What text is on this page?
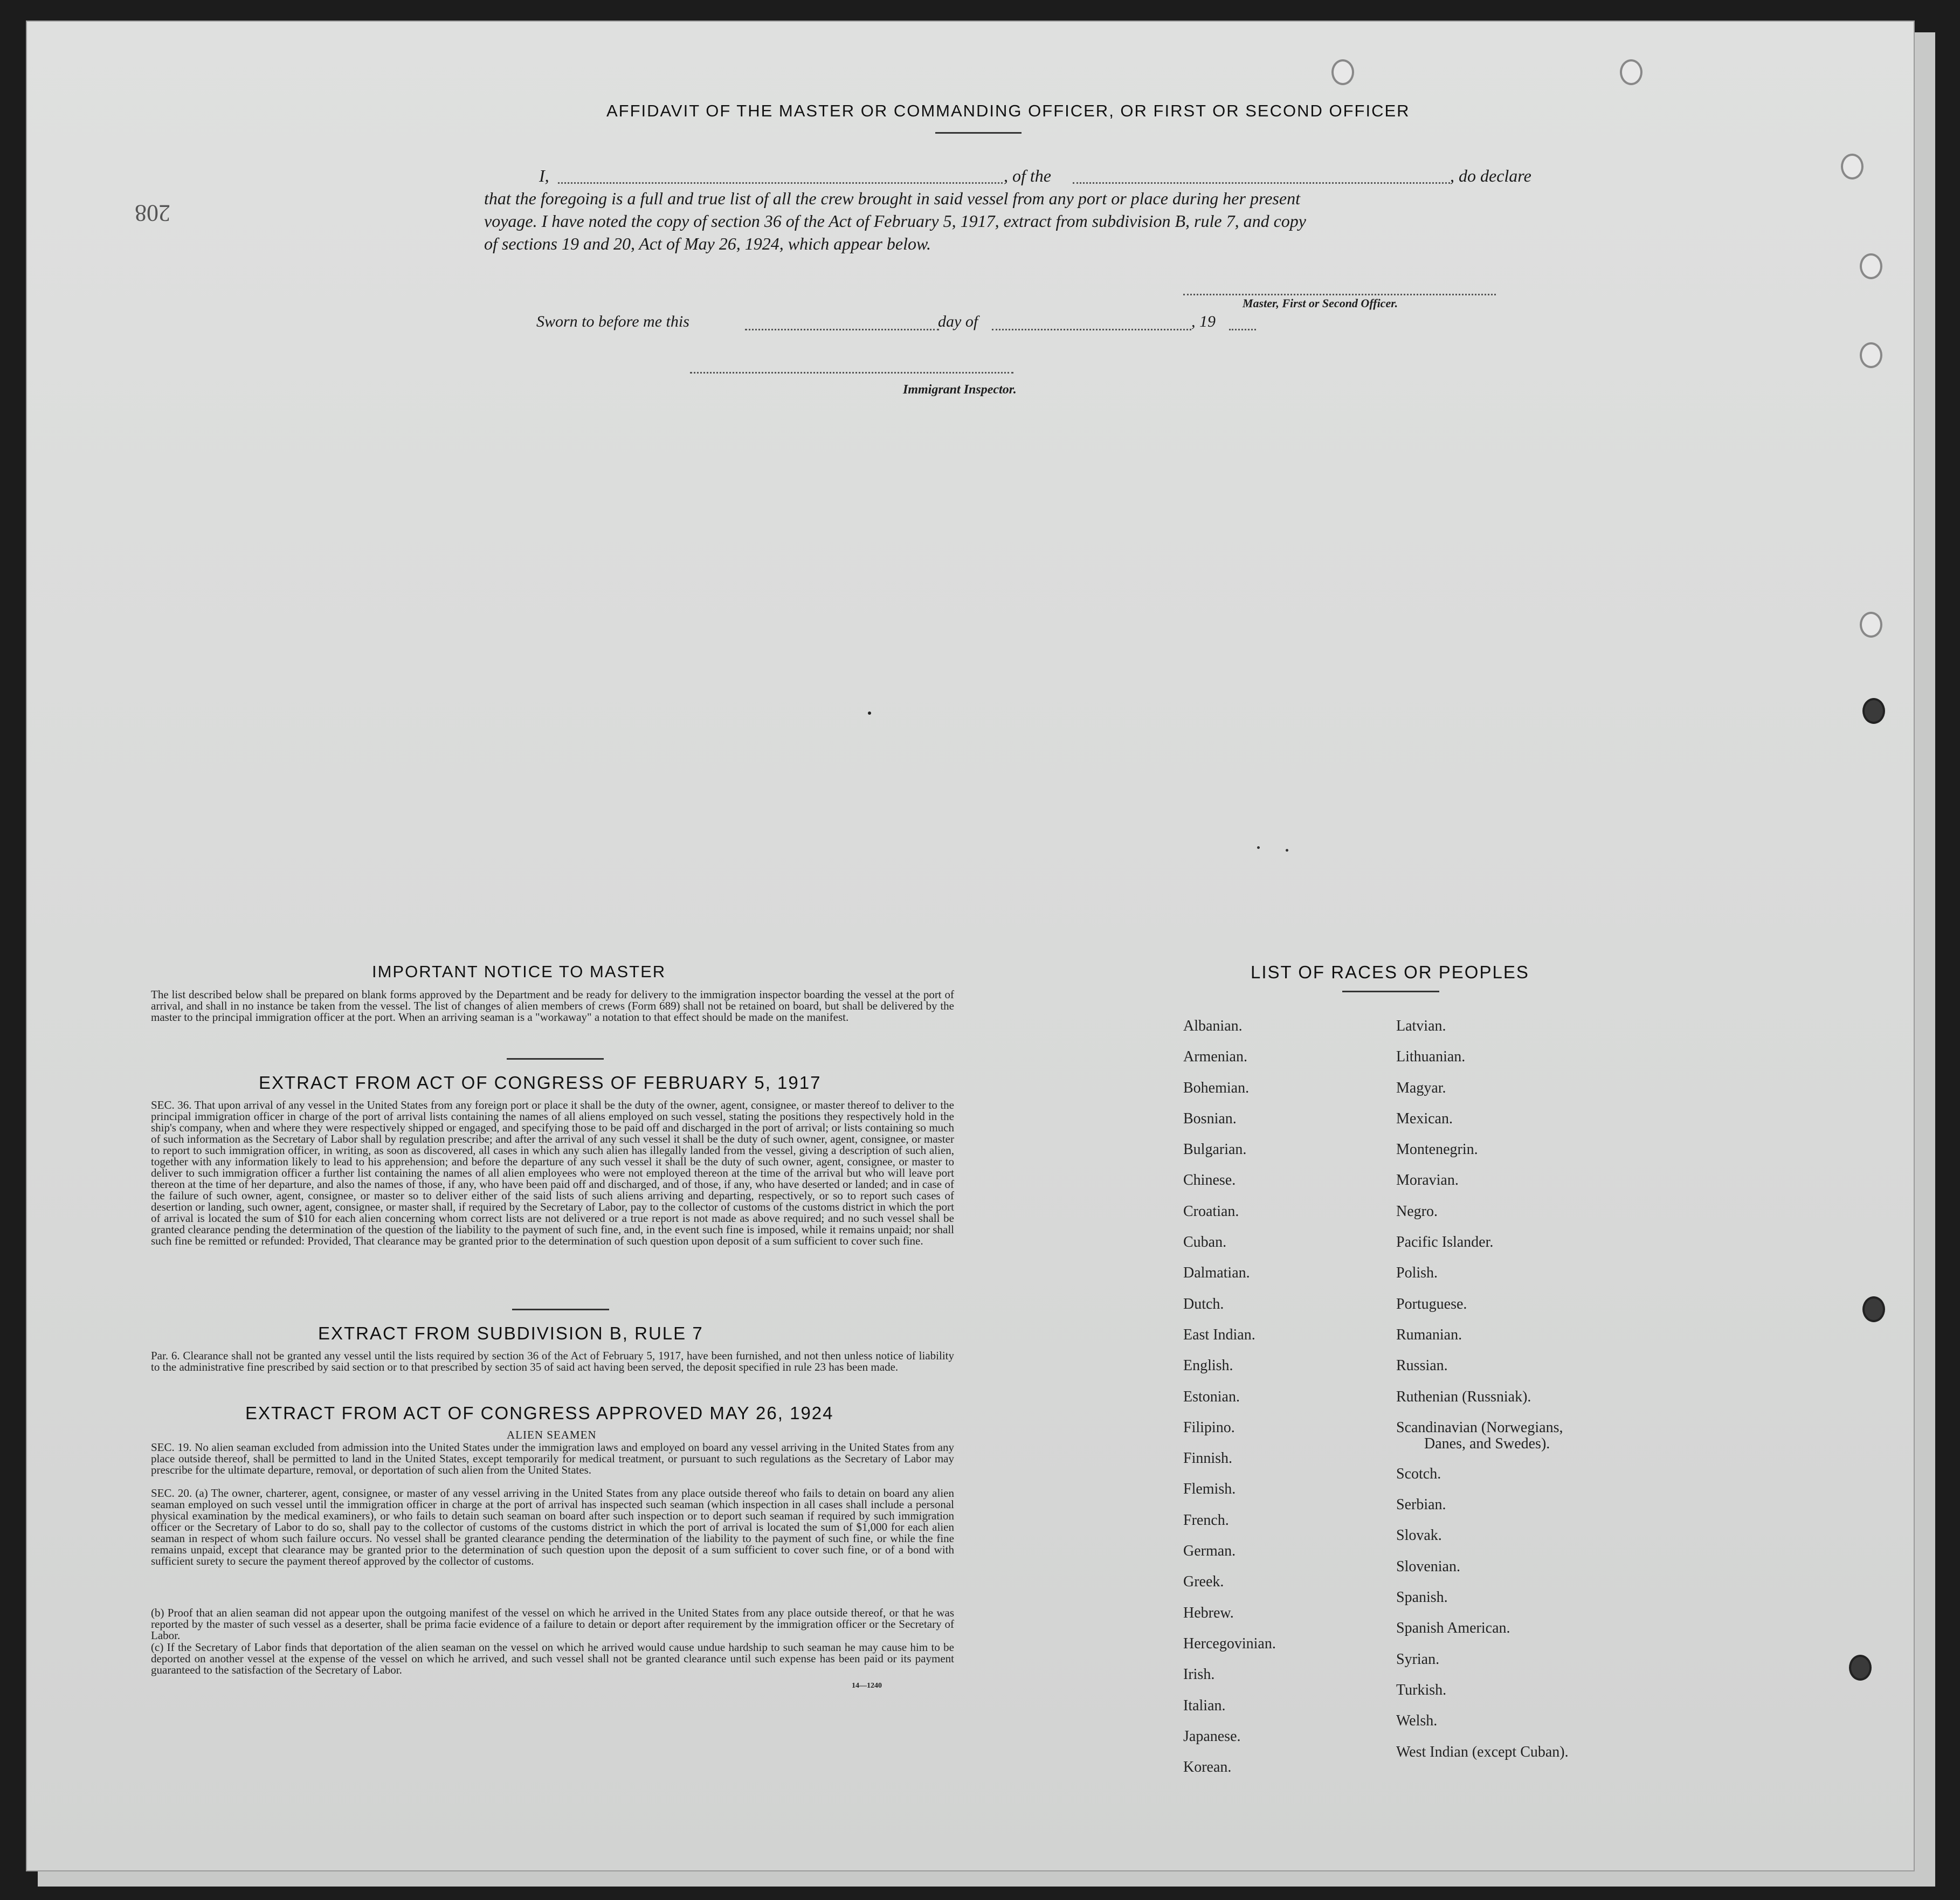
208
AFFIDAVIT OF THE MASTER OR COMMANDING OFFICER, OR FIRST OR SECOND OFFICER
I,	, of the	, do declare
that the foregoing is a full and true list of all the crew brought in said vessel from any port or place during her present
voyage. I have noted the copy of section 36 of the Act of February 5, 1917, extract from subdivision B, rule 7, and copy
of sections 19 and 20, Act of May 26, 1924, which appear below.
Master, First or Second Officer.
Sworn to before me this	day of	, 19
Immigrant Inspector.
IMPORTANT NOTICE TO MASTER
The list described below shall be prepared on blank forms approved by the Department and be ready for delivery to the immigration inspector boarding the vessel at the port of arrival, and shall in no instance be taken from the vessel. The list of changes of alien members of crews (Form 689) shall not be retained on board, but shall be delivered by the master to the principal immigration officer at the port. When an arriving seaman is a "workaway" a notation to that effect should be made on the manifest.
EXTRACT FROM ACT OF CONGRESS OF FEBRUARY 5, 1917
SEC. 36. That upon arrival of any vessel in the United States from any foreign port or place it shall be the duty of the owner, agent, consignee, or master thereof to deliver to the principal immigration officer in charge of the port of arrival lists containing the names of all aliens employed on such vessel, stating the positions they respectively hold in the ship's company, when and where they were respectively shipped or engaged, and specifying those to be paid off and discharged in the port of arrival; or lists containing so much of such information as the Secretary of Labor shall by regulation prescribe; and after the arrival of any such vessel it shall be the duty of such owner, agent, consignee, or master to report to such immigration officer, in writing, as soon as discovered, all cases in which any such alien has illegally landed from the vessel, giving a description of such alien, together with any information likely to lead to his apprehension; and before the departure of any such vessel it shall be the duty of such owner, agent, consignee, or master to deliver to such immigration officer a further list containing the names of all alien employees who were not employed thereon at the time of the arrival but who will leave port thereon at the time of her departure, and also the names of those, if any, who have been paid off and discharged, and of those, if any, who have deserted or landed; and in case of the failure of such owner, agent, consignee, or master so to deliver either of the said lists of such aliens arriving and departing, respectively, or so to report such cases of desertion or landing, such owner, agent, consignee, or master shall, if required by the Secretary of Labor, pay to the collector of customs of the customs district in which the port of arrival is located the sum of $10 for each alien concerning whom correct lists are not delivered or a true report is not made as above required; and no such vessel shall be granted clearance pending the determination of the question of the liability to the payment of such fine, and, in the event such fine is imposed, while it remains unpaid; nor shall such fine be remitted or refunded: Provided, That clearance may be granted prior to the determination of such question upon deposit of a sum sufficient to cover such fine.
EXTRACT FROM SUBDIVISION B, RULE 7
Par. 6. Clearance shall not be granted any vessel until the lists required by section 36 of the Act of February 5, 1917, have been furnished, and not then unless notice of liability to the administrative fine prescribed by said section or to that prescribed by section 35 of said act having been served, the deposit specified in rule 23 has been made.
EXTRACT FROM ACT OF CONGRESS APPROVED MAY 26, 1924
ALIEN SEAMEN
SEC. 19. No alien seaman excluded from admission into the United States under the immigration laws and employed on board any vessel arriving in the United States from any place outside thereof, shall be permitted to land in the United States, except temporarily for medical treatment, or pursuant to such regulations as the Secretary of Labor may prescribe for the ultimate departure, removal, or deportation of such alien from the United States.
SEC. 20. (a) The owner, charterer, agent, consignee, or master of any vessel arriving in the United States from any place outside thereof who fails to detain on board any alien seaman employed on such vessel until the immigration officer in charge at the port of arrival has inspected such seaman (which inspection in all cases shall include a personal physical examination by the medical examiners), or who fails to detain such seaman on board after such inspection or to deport such seaman if required by such immigration officer or the Secretary of Labor to do so, shall pay to the collector of customs of the customs district in which the port of arrival is located the sum of $1,000 for each alien seaman in respect of whom such failure occurs. No vessel shall be granted clearance pending the determination of the liability to the payment of such fine, or while the fine remains unpaid, except that clearance may be granted prior to the determination of such question upon the deposit of a sum sufficient to cover such fine, or of a bond with sufficient surety to secure the payment thereof approved by the collector of customs.
(b) Proof that an alien seaman did not appear upon the outgoing manifest of the vessel on which he arrived in the United States from any place outside thereof, or that he was reported by the master of such vessel as a deserter, shall be prima facie evidence of a failure to detain or deport after requirement by the immigration officer or the Secretary of Labor.
(c) If the Secretary of Labor finds that deportation of the alien seaman on the vessel on which he arrived would cause undue hardship to such seaman he may cause him to be deported on another vessel at the expense of the vessel on which he arrived, and such vessel shall not be granted clearance until such expense has been paid or its payment guaranteed to the satisfaction of the Secretary of Labor.
14—1240
LIST OF RACES OR PEOPLES
Albanian.
Armenian.
Bohemian.
Bosnian.
Bulgarian.
Chinese.
Croatian.
Cuban.
Dalmatian.
Dutch.
East Indian.
English.
Estonian.
Filipino.
Finnish.
Flemish.
French.
German.
Greek.
Hebrew.
Hercegovinian.
Irish.
Italian.
Japanese.
Korean.
Latvian.
Lithuanian.
Magyar.
Mexican.
Montenegrin.
Moravian.
Negro.
Pacific Islander.
Polish.
Portuguese.
Rumanian.
Russian.
Ruthenian (Russniak).
Scandinavian (Norwegians,
Danes, and Swedes).
Scotch.
Serbian.
Slovak.
Slovenian.
Spanish.
Spanish American.
Syrian.
Turkish.
Welsh.
West Indian (except Cuban).
